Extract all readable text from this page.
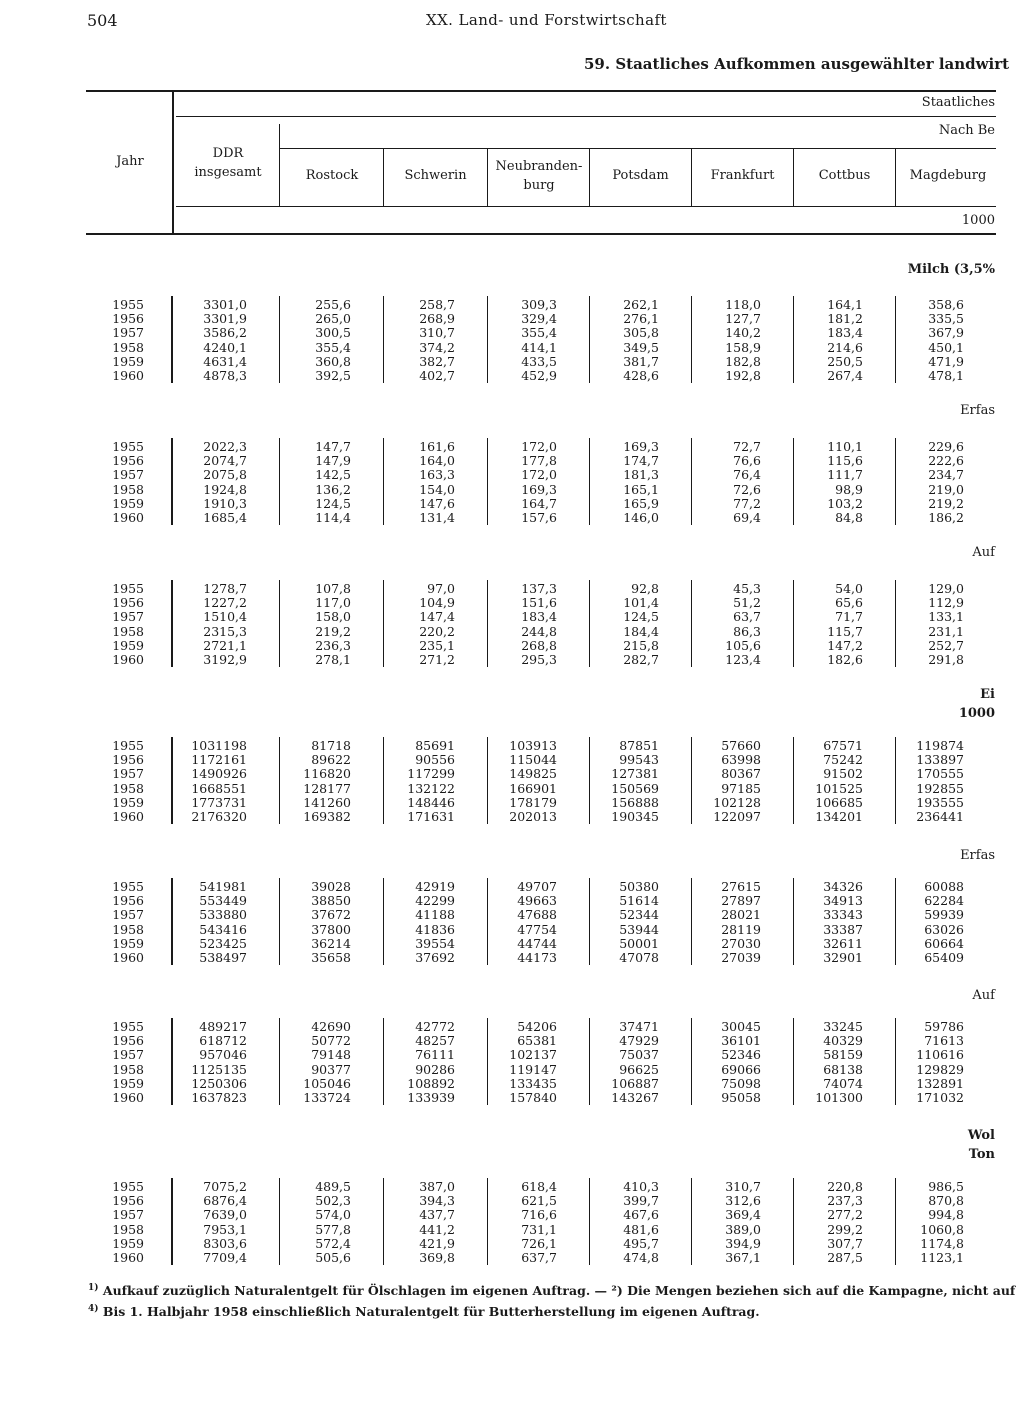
504	XX. Land- und Forstwirtschaft
59. Staatliches Aufkommen ausgewählter landwirt
Jahr
DDR
insgesamt
Staatliches
Nach Be
1000
Rostock	Schwerin
Neubranden-
burg
Potsdam	Frankfurt	Cottbus	Magdeburg
Milch (3,5%
1955	3301,0	255,6	258,7	309,3	262,1	118,0	164,1	358,6
1956	3301,9	265,0	268,9	329,4	276,1	127,7	181,2	335,5
1957	3586,2	300,5	310,7	355,4	305,8	140,2	183,4	367,9
1958	4240,1	355,4	374,2	414,1	349,5	158,9	214,6	450,1
1959	4631,4	360,8	382,7	433,5	381,7	182,8	250,5	471,9
1960	4878,3	392,5	402,7	452,9	428,6	192,8	267,4	478,1
Erfas
1955	2022,3	147,7	161,6	172,0	169,3	72,7	110,1	229,6
1956	2074,7	147,9	164,0	177,8	174,7	76,6	115,6	222,6
1957	2075,8	142,5	163,3	172,0	181,3	76,4	111,7	234,7
1958	1924,8	136,2	154,0	169,3	165,1	72,6	98,9	219,0
1959	1910,3	124,5	147,6	164,7	165,9	77,2	103,2	219,2
1960	1685,4	114,4	131,4	157,6	146,0	69,4	84,8	186,2
Auf
1955	1278,7	107,8	97,0	137,3	92,8	45,3	54,0	129,0
1956	1227,2	117,0	104,9	151,6	101,4	51,2	65,6	112,9
1957	1510,4	158,0	147,4	183,4	124,5	63,7	71,7	133,1
1958	2315,3	219,2	220,2	244,8	184,4	86,3	115,7	231,1
1959	2721,1	236,3	235,1	268,8	215,8	105,6	147,2	252,7
1960	3192,9	278,1	271,2	295,3	282,7	123,4	182,6	291,8
Ei
1000
1955	1031198	81718	85691	103913	87851	57660	67571	119874
1956	1172161	89622	90556	115044	99543	63998	75242	133897
1957	1490926	116820	117299	149825	127381	80367	91502	170555
1958	1668551	128177	132122	166901	150569	97185	101525	192855
1959	1773731	141260	148446	178179	156888	102128	106685	193555
1960	2176320	169382	171631	202013	190345	122097	134201	236441
Erfas
1955	541981	39028	42919	49707	50380	27615	34326	60088
1956	553449	38850	42299	49663	51614	27897	34913	62284
1957	533880	37672	41188	47688	52344	28021	33343	59939
1958	543416	37800	41836	47754	53944	28119	33387	63026
1959	523425	36214	39554	44744	50001	27030	32611	60664
1960	538497	35658	37692	44173	47078	27039	32901	65409
Auf
1955	489217	42690	42772	54206	37471	30045	33245	59786
1956	618712	50772	48257	65381	47929	36101	40329	71613
1957	957046	79148	76111	102137	75037	52346	58159	110616
1958	1125135	90377	90286	119147	96625	69066	68138	129829
1959	1250306	105046	108892	133435	106887	75098	74074	132891
1960	1637823	133724	133939	157840	143267	95058	101300	171032
Wol
Ton
1955	7075,2	489,5	387,0	618,4	410,3	310,7	220,8	986,5
1956	6876,4	502,3	394,3	621,5	399,7	312,6	237,3	870,8
1957	7639,0	574,0	437,7	716,6	467,6	369,4	277,2	994,8
1958	7953,1	577,8	441,2	731,1	481,6	389,0	299,2	1060,8
1959	8303,6	572,4	421,9	726,1	495,7	394,9	307,7	1174,8
1960	7709,4	505,6	369,8	637,7	474,8	367,1	287,5	1123,1
$^{1)}$ Aufkauf zuzüglich Naturalentgelt für Ölschlagen im eigenen Auftrag. — ²) Die Mengen beziehen sich auf die Kampagne, nicht auf
$^{4)}$ Bis 1. Halbjahr 1958 einschließlich Naturalentgelt für Butterherstellung im eigenen Auftrag.
